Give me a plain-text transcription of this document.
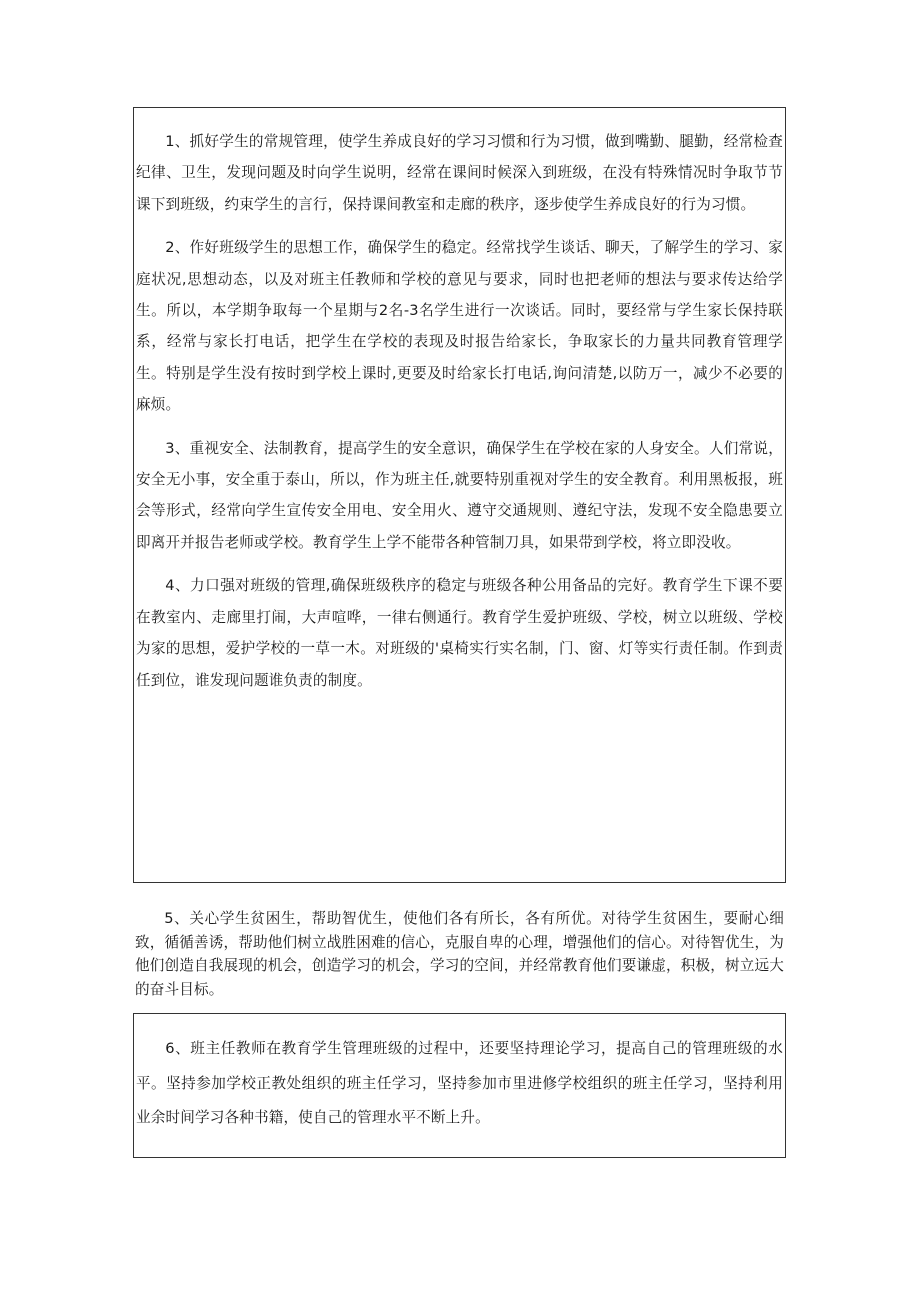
1、抓好学生的常规管理，使学生养成良好的学习习惯和行为习惯，做到嘴勤、腿勤，经常检查纪律、卫生，发现问题及时向学生说明，经常在课间时候深入到班级，在没有特殊情况时争取节节课下到班级，约束学生的言行，保持课间教室和走廊的秩序，逐步使学生养成良好的行为习惯。

2、作好班级学生的思想工作，确保学生的稳定。经常找学生谈话、聊天，了解学生的学习、家庭状况,思想动态，以及对班主任教师和学校的意见与要求，同时也把老师的想法与要求传达给学生。所以，本学期争取每一个星期与2名-3名学生进行一次谈话。同时，要经常与学生家长保持联系，经常与家长打电话，把学生在学校的表现及时报告给家长，争取家长的力量共同教育管理学生。特别是学生没有按时到学校上课时,更要及时给家长打电话,询问清楚,以防万一，减少不必要的麻烦。

3、重视安全、法制教育，提高学生的安全意识，确保学生在学校在家的人身安全。人们常说，安全无小事，安全重于泰山，所以，作为班主任,就要特别重视对学生的安全教育。利用黑板报，班会等形式，经常向学生宣传安全用电、安全用火、遵守交通规则、遵纪守法，发现不安全隐患要立即离开并报告老师或学校。教育学生上学不能带各种管制刀具，如果带到学校，将立即没收。

4、力口强对班级的管理,确保班级秩序的稳定与班级各种公用备品的完好。教育学生下课不要在教室内、走廊里打闹，大声喧哗，一律右侧通行。教育学生爱护班级、学校，树立以班级、学校为家的思想，爱护学校的一草一木。对班级的'桌椅实行实名制，门、窗、灯等实行责任制。作到责任到位，谁发现问题谁负责的制度。

5、关心学生贫困生，帮助智优生，使他们各有所长，各有所优。对待学生贫困生，要耐心细致，循循善诱，帮助他们树立战胜困难的信心，克服自卑的心理，增强他们的信心。对待智优生，为他们创造自我展现的机会，创造学习的机会，学习的空间，并经常教育他们要谦虚，积极，树立远大的奋斗目标。

6、班主任教师在教育学生管理班级的过程中，还要坚持理论学习，提高自己的管理班级的水平。坚持参加学校正教处组织的班主任学习，坚持参加市里进修学校组织的班主任学习，坚持利用业余时间学习各种书籍，使自己的管理水平不断上升。
